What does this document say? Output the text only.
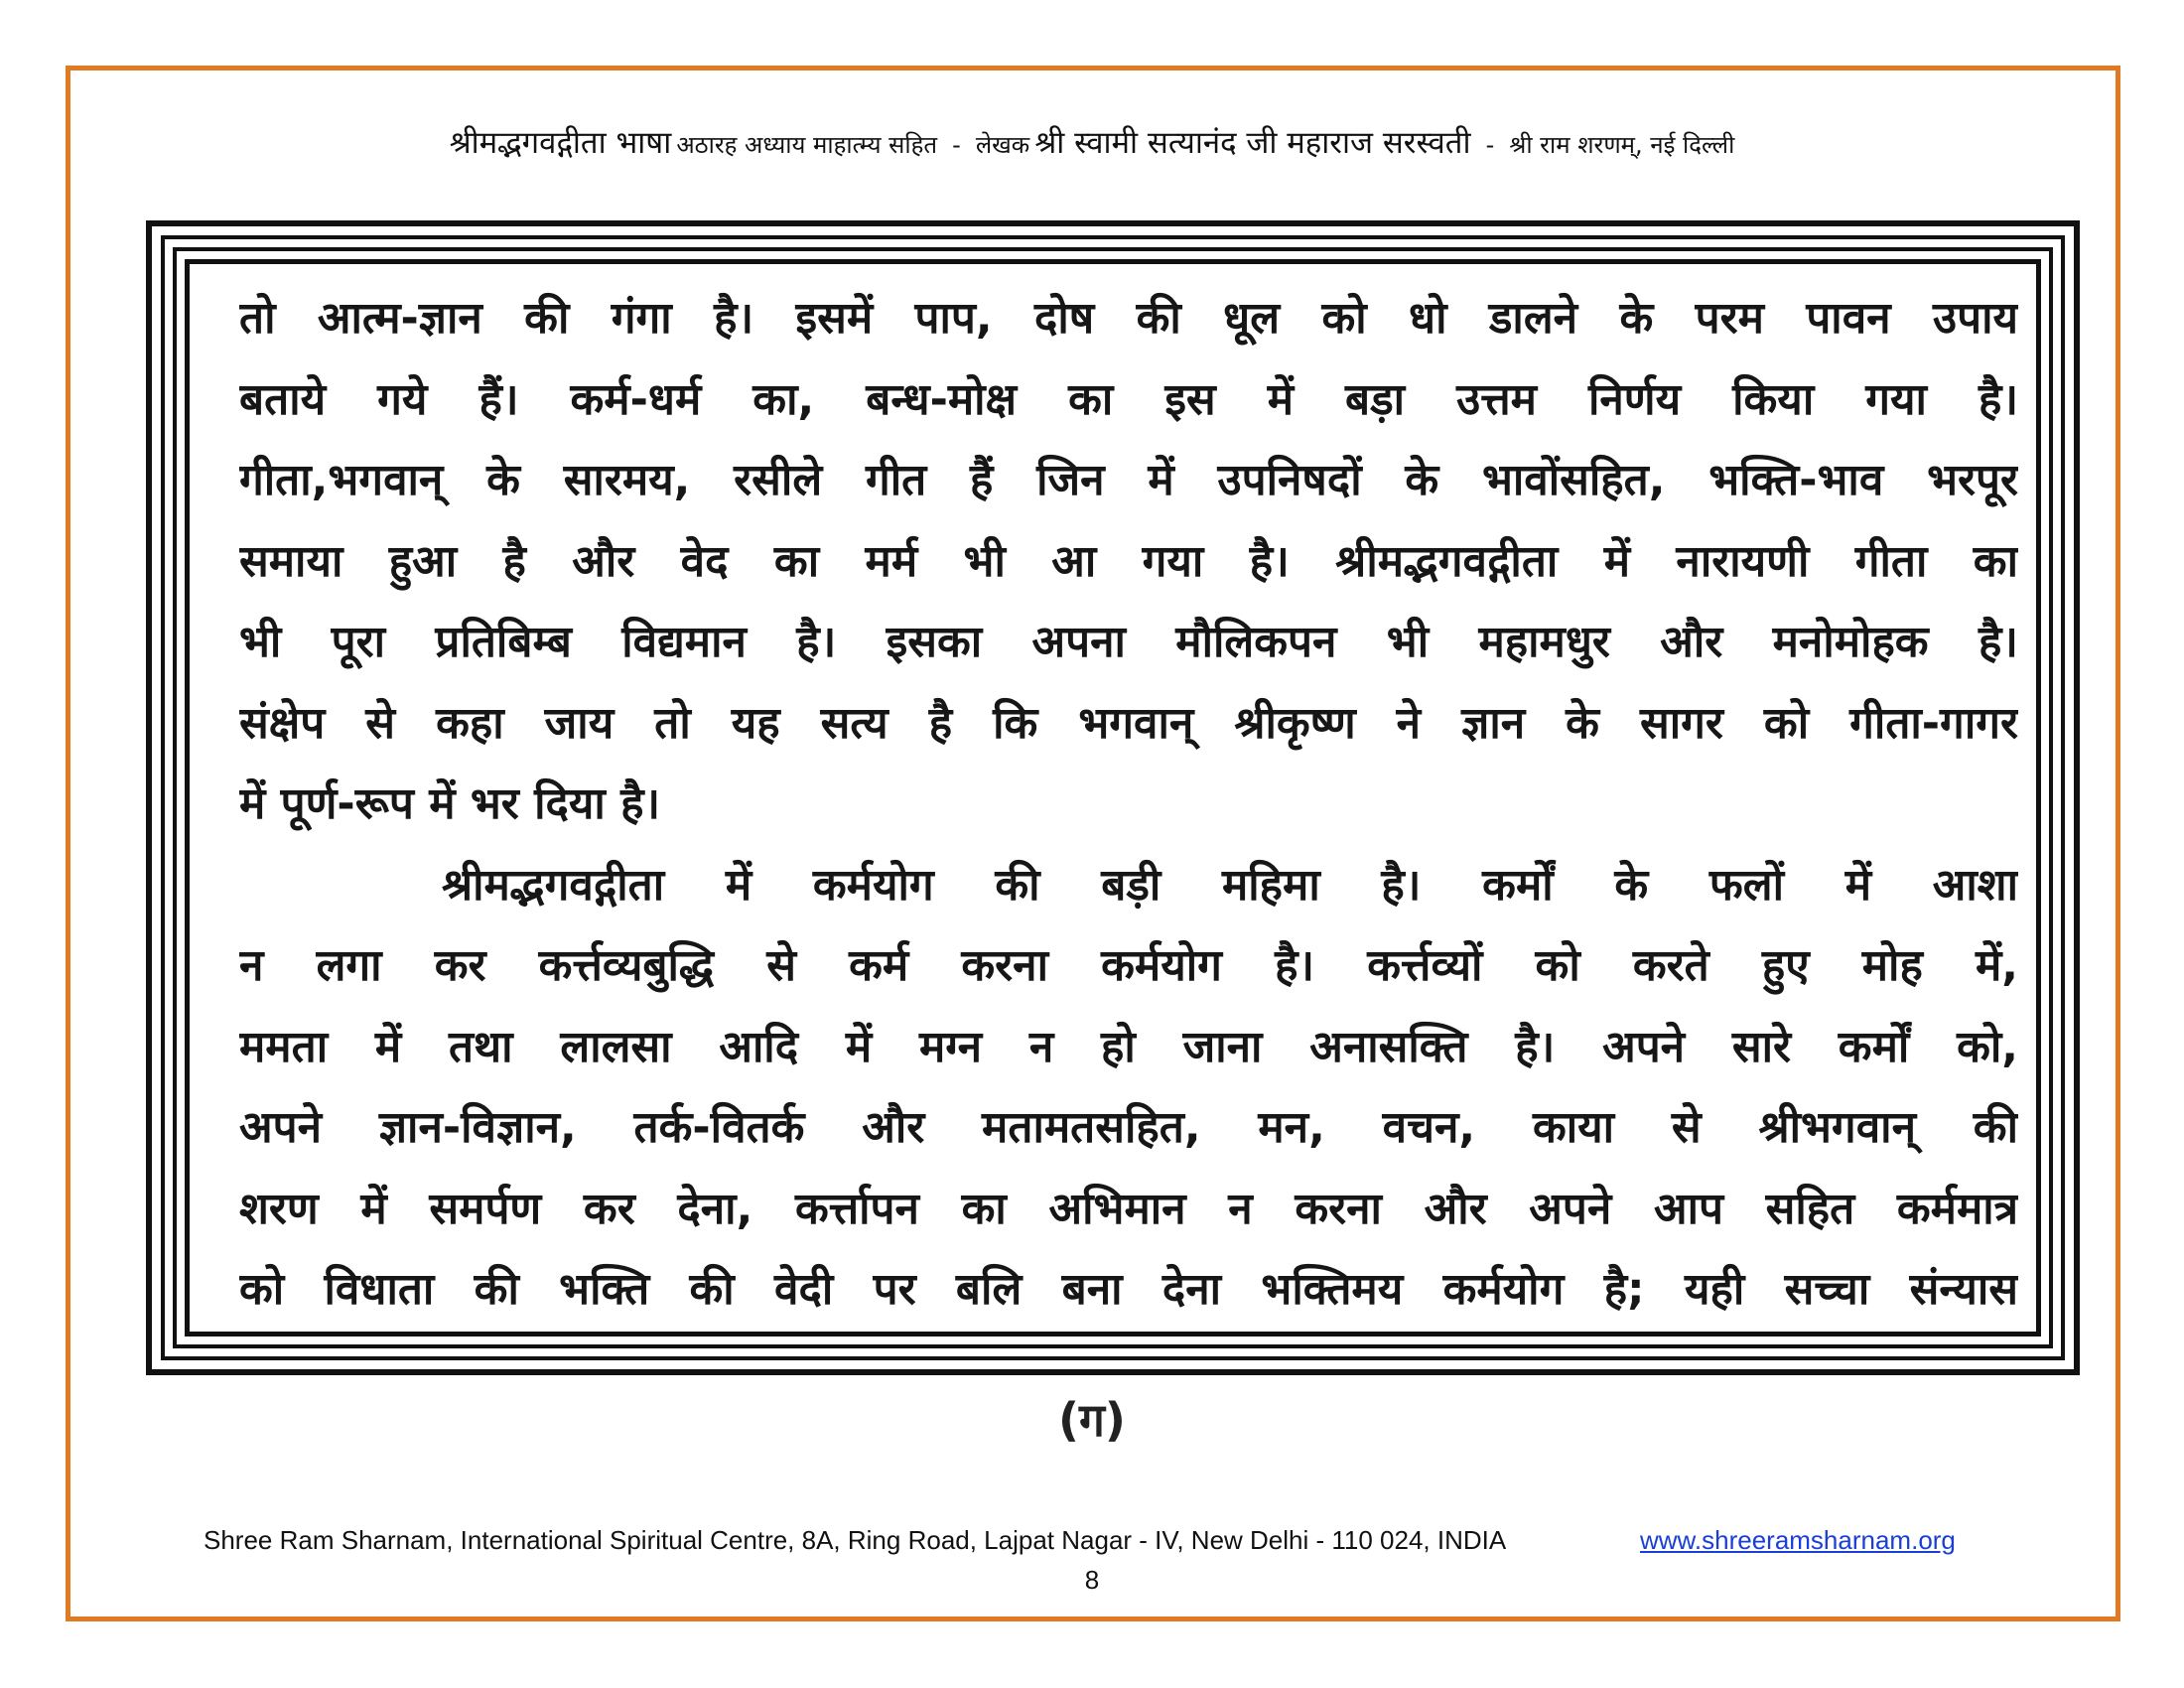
श्रीमद्भगवद्गीता भाषा अठारह अध्याय माहात्म्य सहित - लेखक श्री स्वामी सत्यानंद जी महाराज सरस्वती - श्री राम शरणम्, नई दिल्ली
तो आत्म-ज्ञान की गंगा है। इसमें पाप, दोष की धूल को धो डालने के परम पावन उपाय
बताये गये हैं। कर्म-धर्म का, बन्ध-मोक्ष का इस में बड़ा उत्तम निर्णय किया गया है।
गीता,भगवान् के सारमय, रसीले गीत हैं जिन में उपनिषदों के भावोंसहित, भक्ति-भाव भरपूर
समाया हुआ है और वेद का मर्म भी आ गया है। श्रीमद्भगवद्गीता में नारायणी गीता का
भी पूरा प्रतिबिम्ब विद्यमान है। इसका अपना मौलिकपन भी महामधुर और मनोमोहक है।
संक्षेप से कहा जाय तो यह सत्य है कि भगवान् श्रीकृष्ण ने ज्ञान के सागर को गीता-गागर
में पूर्ण-रूप में भर दिया है।
श्रीमद्भगवद्गीता में कर्मयोग की बड़ी महिमा है। कर्मों के फलों में आशा
न लगा कर कर्त्तव्यबुद्धि से कर्म करना कर्मयोग है। कर्त्तव्यों को करते हुए मोह में,
ममता में तथा लालसा आदि में मग्न न हो जाना अनासक्ति है। अपने सारे कर्मों को,
अपने ज्ञान-विज्ञान, तर्क-वितर्क और मतामतसहित, मन, वचन, काया से श्रीभगवान् की
शरण में समर्पण कर देना, कर्त्तापन का अभिमान न करना और अपने आप सहित कर्ममात्र
को विधाता की भक्ति की वेदी पर बलि बना देना भक्तिमय कर्मयोग है; यही सच्चा संन्यास
(ग)
Shree Ram Sharnam, International Spiritual Centre, 8A, Ring Road, Lajpat Nagar - IV, New Delhi - 110 024, INDIA	www.shreeramsharnam.org
8
